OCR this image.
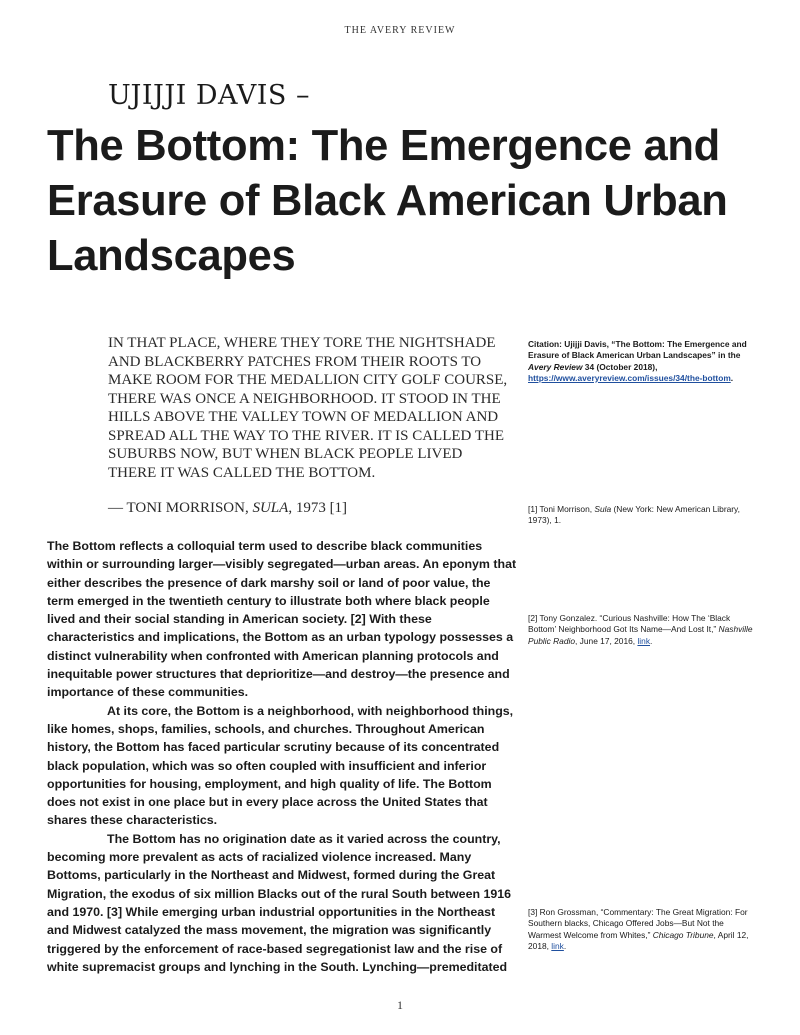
THE AVERY REVIEW
UJIJJI DAVIS –
The Bottom: The Emergence and Erasure of Black American Urban Landscapes

IN THAT PLACE, WHERE THEY TORE THE NIGHTSHADE AND BLACKBERRY PATCHES FROM THEIR ROOTS TO MAKE ROOM FOR THE MEDALLION CITY GOLF COURSE, THERE WAS ONCE A NEIGHBORHOOD. IT STOOD IN THE HILLS ABOVE THE VALLEY TOWN OF MEDALLION AND SPREAD ALL THE WAY TO THE RIVER. IT IS CALLED THE SUBURBS NOW, BUT WHEN BLACK PEOPLE LIVED THERE IT WAS CALLED THE BOTTOM.

— TONI MORRISON, SULA, 1973 [1]

The Bottom reflects a colloquial term used to describe black communities within or surrounding larger—visibly segregated—urban areas. An eponym that either describes the presence of dark marshy soil or land of poor value, the term emerged in the twentieth century to illustrate both where black people lived and their social standing in American society. [2] With these characteristics and implications, the Bottom as an urban typology possesses a distinct vulnerability when confronted with American planning protocols and inequitable power structures that deprioritize—and destroy—the presence and importance of these communities.

At its core, the Bottom is a neighborhood, with neighborhood things, like homes, shops, families, schools, and churches. Throughout American history, the Bottom has faced particular scrutiny because of its concentrated black population, which was so often coupled with insufficient and inferior opportunities for housing, employment, and high quality of life. The Bottom does not exist in one place but in every place across the United States that shares these characteristics.

The Bottom has no origination date as it varied across the country, becoming more prevalent as acts of racialized violence increased. Many Bottoms, particularly in the Northeast and Midwest, formed during the Great Migration, the exodus of six million Blacks out of the rural South between 1916 and 1970. [3] While emerging urban industrial opportunities in the Northeast and Midwest catalyzed the mass movement, the migration was significantly triggered by the enforcement of race-based segregationist law and the rise of white supremacist groups and lynching in the South. Lynching—premeditated

Citation: Ujijji Davis, “The Bottom: The Emergence and Erasure of Black American Urban Landscapes” in the Avery Review 34 (October 2018), https://www.averyreview.com/issues/34/the-bottom.
[1] Toni Morrison, Sula (New York: New American Library, 1973), 1.
[2] Tony Gonzalez. “Curious Nashville: How The ‘Black Bottom’ Neighborhood Got Its Name—And Lost It,” Nashville Public Radio, June 17, 2016, link.
[3] Ron Grossman, “Commentary: The Great Migration: For Southern blacks, Chicago Offered Jobs—But Not the Warmest Welcome from Whites,” Chicago Tribune, April 12, 2018, link.
1
